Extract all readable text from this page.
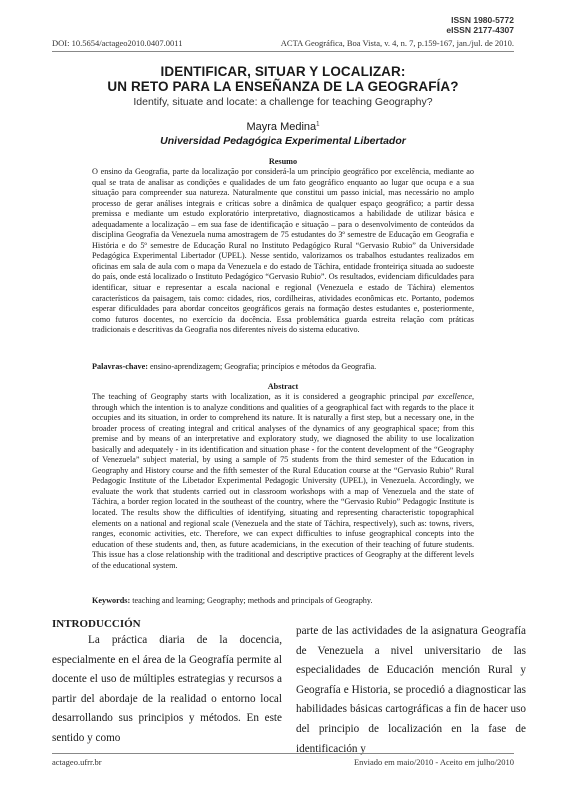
ISSN 1980-5772
eISSN 2177-4307
DOI: 10.5654/actageo2010.0407.0011	ACTA Geográfica, Boa Vista, v. 4, n. 7, p.159-167, jan./jul. de 2010.
IDENTIFICAR, SITUAR Y LOCALIZAR:
UN RETO PARA LA ENSEÑANZA DE LA GEOGRAFÍA?
Identify, situate and locate: a challenge for teaching Geography?
Mayra Medina$^1$
Universidad Pedagógica Experimental Libertador
Resumo
O ensino da Geografia, parte da localização por considerá-la um princípio geográfico por excelência, mediante ao qual se trata de analisar as condições e qualidades de um fato geográfico enquanto ao lugar que ocupa e a sua situação para compreender sua natureza. Naturalmente que constitui um passo inicial, mas necessário no amplo processo de gerar análises integrais e críticas sobre a dinâmica de qualquer espaço geográfico; a partir dessa premissa e mediante um estudo exploratório interpretativo, diagnosticamos a habilidade de utilizar básica e adequadamente a localização – em sua fase de identificação e situação – para o desenvolvimento de conteúdos da disciplina Geografia da Venezuela numa amostragem de 75 estudantes do 3º semestre de Educação em Geografia e História e do 5º semestre de Educação Rural no Instituto Pedagógico Rural “Gervasio Rubio” da Universidade Pedagógica Experimental Libertador (UPEL). Nesse sentido, valorizamos os trabalhos estudantes realizados em oficinas em sala de aula com o mapa da Venezuela e do estado de Táchira, entidade fronteiriça situada ao sudoeste do país, onde está localizado o Instituto Pedagógico “Gervasio Rubio”. Os resultados, evidenciam dificuldades para identificar, situar e representar a escala nacional e regional (Venezuela e estado de Táchira) elementos característicos da paisagem, tais como: cidades, rios, cordilheiras, atividades econômicas etc. Portanto, podemos esperar dificuldades para abordar conceitos geográficos gerais na formação destes estudantes e, posteriormente, como futuros docentes, no exercício da docência. Essa problemática guarda estreita relação com práticas tradicionais e descritivas da Geografia nos diferentes níveis do sistema educativo.
Palavras-chave: ensino-aprendizagem; Geografia; princípios e métodos da Geografia.
Abstract
The teaching of Geography starts with localization, as it is considered a geographic principal par excellence, through which the intention is to analyze conditions and qualities of a geographical fact with regards to the place it occupies and its situation, in order to comprehend its nature. It is naturally a first step, but a necessary one, in the broader process of creating integral and critical analyses of the dynamics of any geographical space; from this premise and by means of an interpretative and exploratory study, we diagnosed the ability to use localization basically and adequately - in its identification and situation phase - for the content development of the “Geography of Venezuela” subject material, by using a sample of 75 students from the third semester of the Education in Geography and History course and the fifth semester of the Rural Education course at the “Gervasio Rubio” Rural Pedagogic Institute of the Libetador Experimental Pedagogic University (UPEL), in Venezuela. Accordingly, we evaluate the work that students carried out in classroom workshops with a map of Venezuela and the state of Táchira, a border region located in the southeast of the country, where the “Gervasio Rubio” Pedagogic Institute is located. The results show the difficulties of identifying, situating and representing characteristic topographical elements on a national and regional scale (Venezuela and the state of Táchira, respectively), such as: towns, rivers, ranges, economic activities, etc. Therefore, we can expect difficulties to infuse geographical concepts into the education of these students and, then, as future academicians, in the execution of their teaching of future students. This issue has a close relationship with the traditional and descriptive practices of Geography at the different levels of the educational system.
Keywords: teaching and learning; Geography; methods and principals of Geography.
INTRODUCCIÓN
La práctica diaria de la docencia, especialmente en el área de la Geografía permite al docente el uso de múltiples estrategias y recursos a partir del abordaje de la realidad o entorno local desarrollando sus principios y métodos. En este sentido y como
parte de las actividades de la asignatura Geografía de Venezuela a nivel universitario de las especialidades de Educación mención Rural y Geografía e Historia, se procedió a diagnosticar las habilidades básicas cartográficas a fin de hacer uso del principio de localización en la fase de identificación y
actageo.ufrr.br	Enviado em maio/2010 - Aceito em julho/2010
